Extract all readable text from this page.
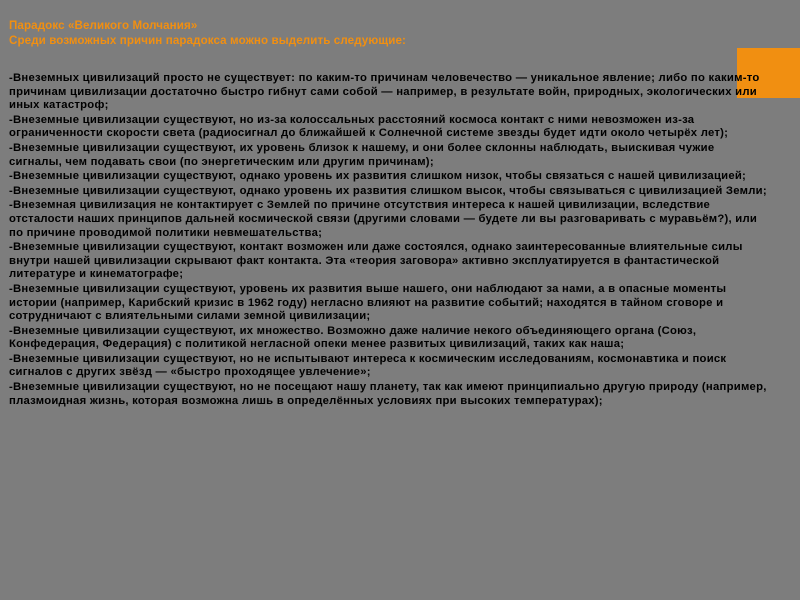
Парадокс «Великого Молчания»
Среди возможных причин парадокса можно выделить следующие:
-Внеземных цивилизаций просто не существует: по каким-то причинам человечество — уникальное явление; либо по каким-то причинам цивилизации достаточно быстро гибнут сами собой — например, в результате войн, природных, экологических или иных катастроф;
-Внеземные цивилизации существуют, но из-за колоссальных расстояний космоса контакт с ними невозможен из-за ограниченности скорости света (радиосигнал до ближайшей к Солнечной системе звезды будет идти около четырёх лет);
-Внеземные цивилизации существуют, их уровень близок к нашему, и они более склонны наблюдать, выискивая чужие сигналы, чем подавать свои (по энергетическим или другим причинам);
-Внеземные цивилизации существуют, однако уровень их развития слишком низок, чтобы связаться с нашей цивилизацией;
-Внеземные цивилизации существуют, однако уровень их развития слишком высок, чтобы связываться с цивилизацией Земли;
-Внеземная цивилизация не контактирует с Землей по причине отсутствия интереса к нашей цивилизации, вследствие отсталости наших принципов дальней космической связи (другими словами — будете ли вы разговаривать с муравьём?), или по причине проводимой политики невмешательства;
-Внеземные цивилизации существуют, контакт возможен или даже состоялся, однако заинтересованные влиятельные силы внутри нашей цивилизации скрывают факт контакта. Эта «теория заговора» активно эксплуатируется в фантастической литературе и кинематографе;
-Внеземные цивилизации существуют, уровень их развития выше нашего, они наблюдают за нами, а в опасные моменты истории (например, Карибский кризис в 1962 году) негласно влияют на развитие событий; находятся в тайном сговоре и сотрудничают с влиятельными силами земной цивилизации;
-Внеземные цивилизации существуют, их множество. Возможно даже наличие некого объединяющего органа (Союз, Конфедерация, Федерация) с политикой негласной опеки менее развитых цивилизаций, таких как наша;
-Внеземные цивилизации существуют, но не испытывают интереса к космическим исследованиям, космонавтика и поиск сигналов с других звёзд — «быстро проходящее увлечение»;
-Внеземные цивилизации существуют, но не посещают нашу планету, так как имеют принципиально другую природу (например, плазмоидная жизнь, которая возможна лишь в определённых условиях при высоких температурах);
